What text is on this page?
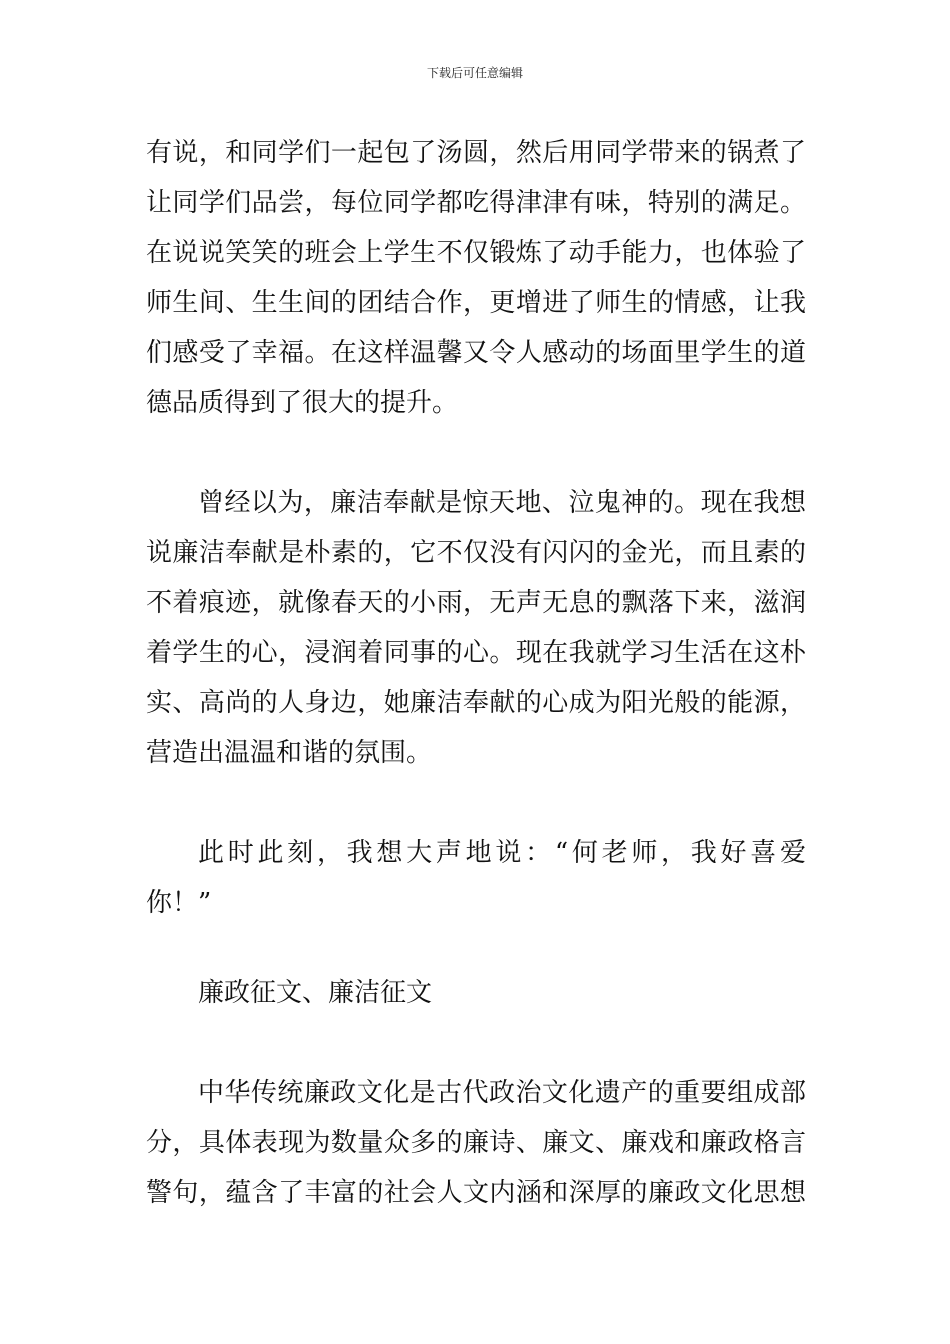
下载后可任意编辑
有说，和同学们一起包了汤圆，然后用同学带来的锅煮了
让同学们品尝，每位同学都吃得津津有味，特别的满足。
在说说笑笑的班会上学生不仅锻炼了动手能力，也体验了
师生间、生生间的团结合作，更增进了师生的情感，让我
们感受了幸福。在这样温馨又令人感动的场面里学生的道
德品质得到了很大的提升。
曾经以为，廉洁奉献是惊天地、泣鬼神的。现在我想
说廉洁奉献是朴素的，它不仅没有闪闪的金光，而且素的
不着痕迹，就像春天的小雨，无声无息的飘落下来，滋润
着学生的心，浸润着同事的心。现在我就学习生活在这朴
实、高尚的人身边，她廉洁奉献的心成为阳光般的能源，
营造出温温和谐的氛围。
此时此刻，我想大声地说：“何老师，我好喜爱
你！”
廉政征文、廉洁征文
中华传统廉政文化是古代政治文化遗产的重要组成部
分，具体表现为数量众多的廉诗、廉文、廉戏和廉政格言
警句，蕴含了丰富的社会人文内涵和深厚的廉政文化思想
